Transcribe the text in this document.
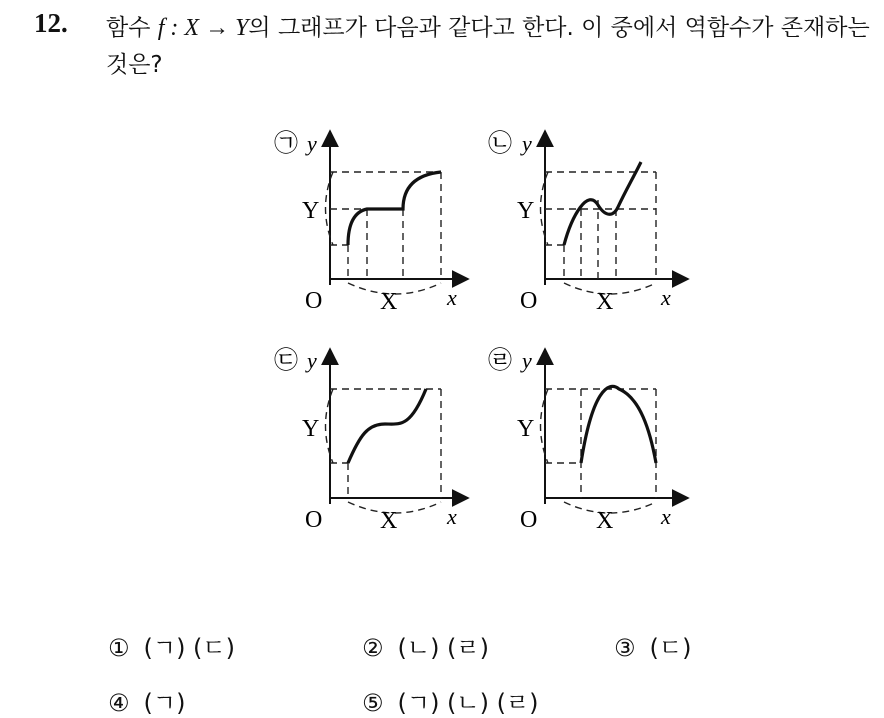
12. 함수 f : X → Y의 그래프가 다음과 같다고 한다. 이 중에서 역함수가 존재하는 것은?
㉠ y
Y
O X x
㉡ y
Y
O X x
㉢ y
Y
O X x
㉣ y
Y
O X x
① (ㄱ) (ㄷ)	② (ㄴ) (ㄹ)	③ (ㄷ)
④ (ㄱ)	⑤ (ㄱ) (ㄴ) (ㄹ)
